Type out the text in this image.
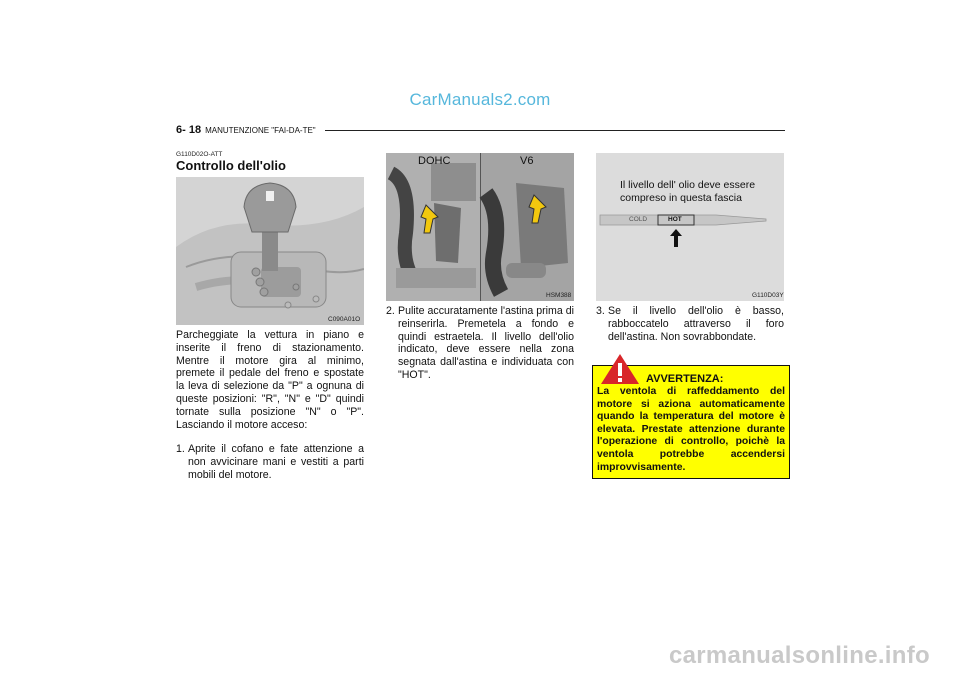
CarManuals2.com
carmanualsonline.info
6- 18 MANUTENZIONE "FAI-DA-TE"
G110D02O-ATT
Controllo dell'olio
C090A01O
Parcheggiate la vettura in piano e inserite il freno di stazionamento. Mentre il motore gira al minimo, premete il pedale del freno e spostate la leva di selezione da "P" a ognuna di queste posizioni: "R", "N" e "D" quindi tornate sulla posizione "N" o "P". Lasciando il motore acceso:
1. Aprite il cofano e fate attenzione a non avvicinare mani e vestiti a parti mobili del motore.
DOHC	V6
HSM388
2. Pulite accuratamente l'astina prima di reinserirla. Premetela a fondo e quindi estraetela. Il livello dell'olio indicato, deve essere nella zona segnata dall'astina e individuata con "HOT".
Il livello dell' olio deve essere compreso in questa fascia
COLD	HOT
G110D03Y
3. Se il livello dell'olio è basso, rabboccatelo attraverso il foro dell'astina. Non sovrabbondate.
AVVERTENZA:
La ventola di raffeddamento del motore si aziona automaticamente quando la temperatura del motore è elevata. Prestate attenzione durante l'operazione di controllo, poichè la ventola potrebbe accendersi improvvisamente.
